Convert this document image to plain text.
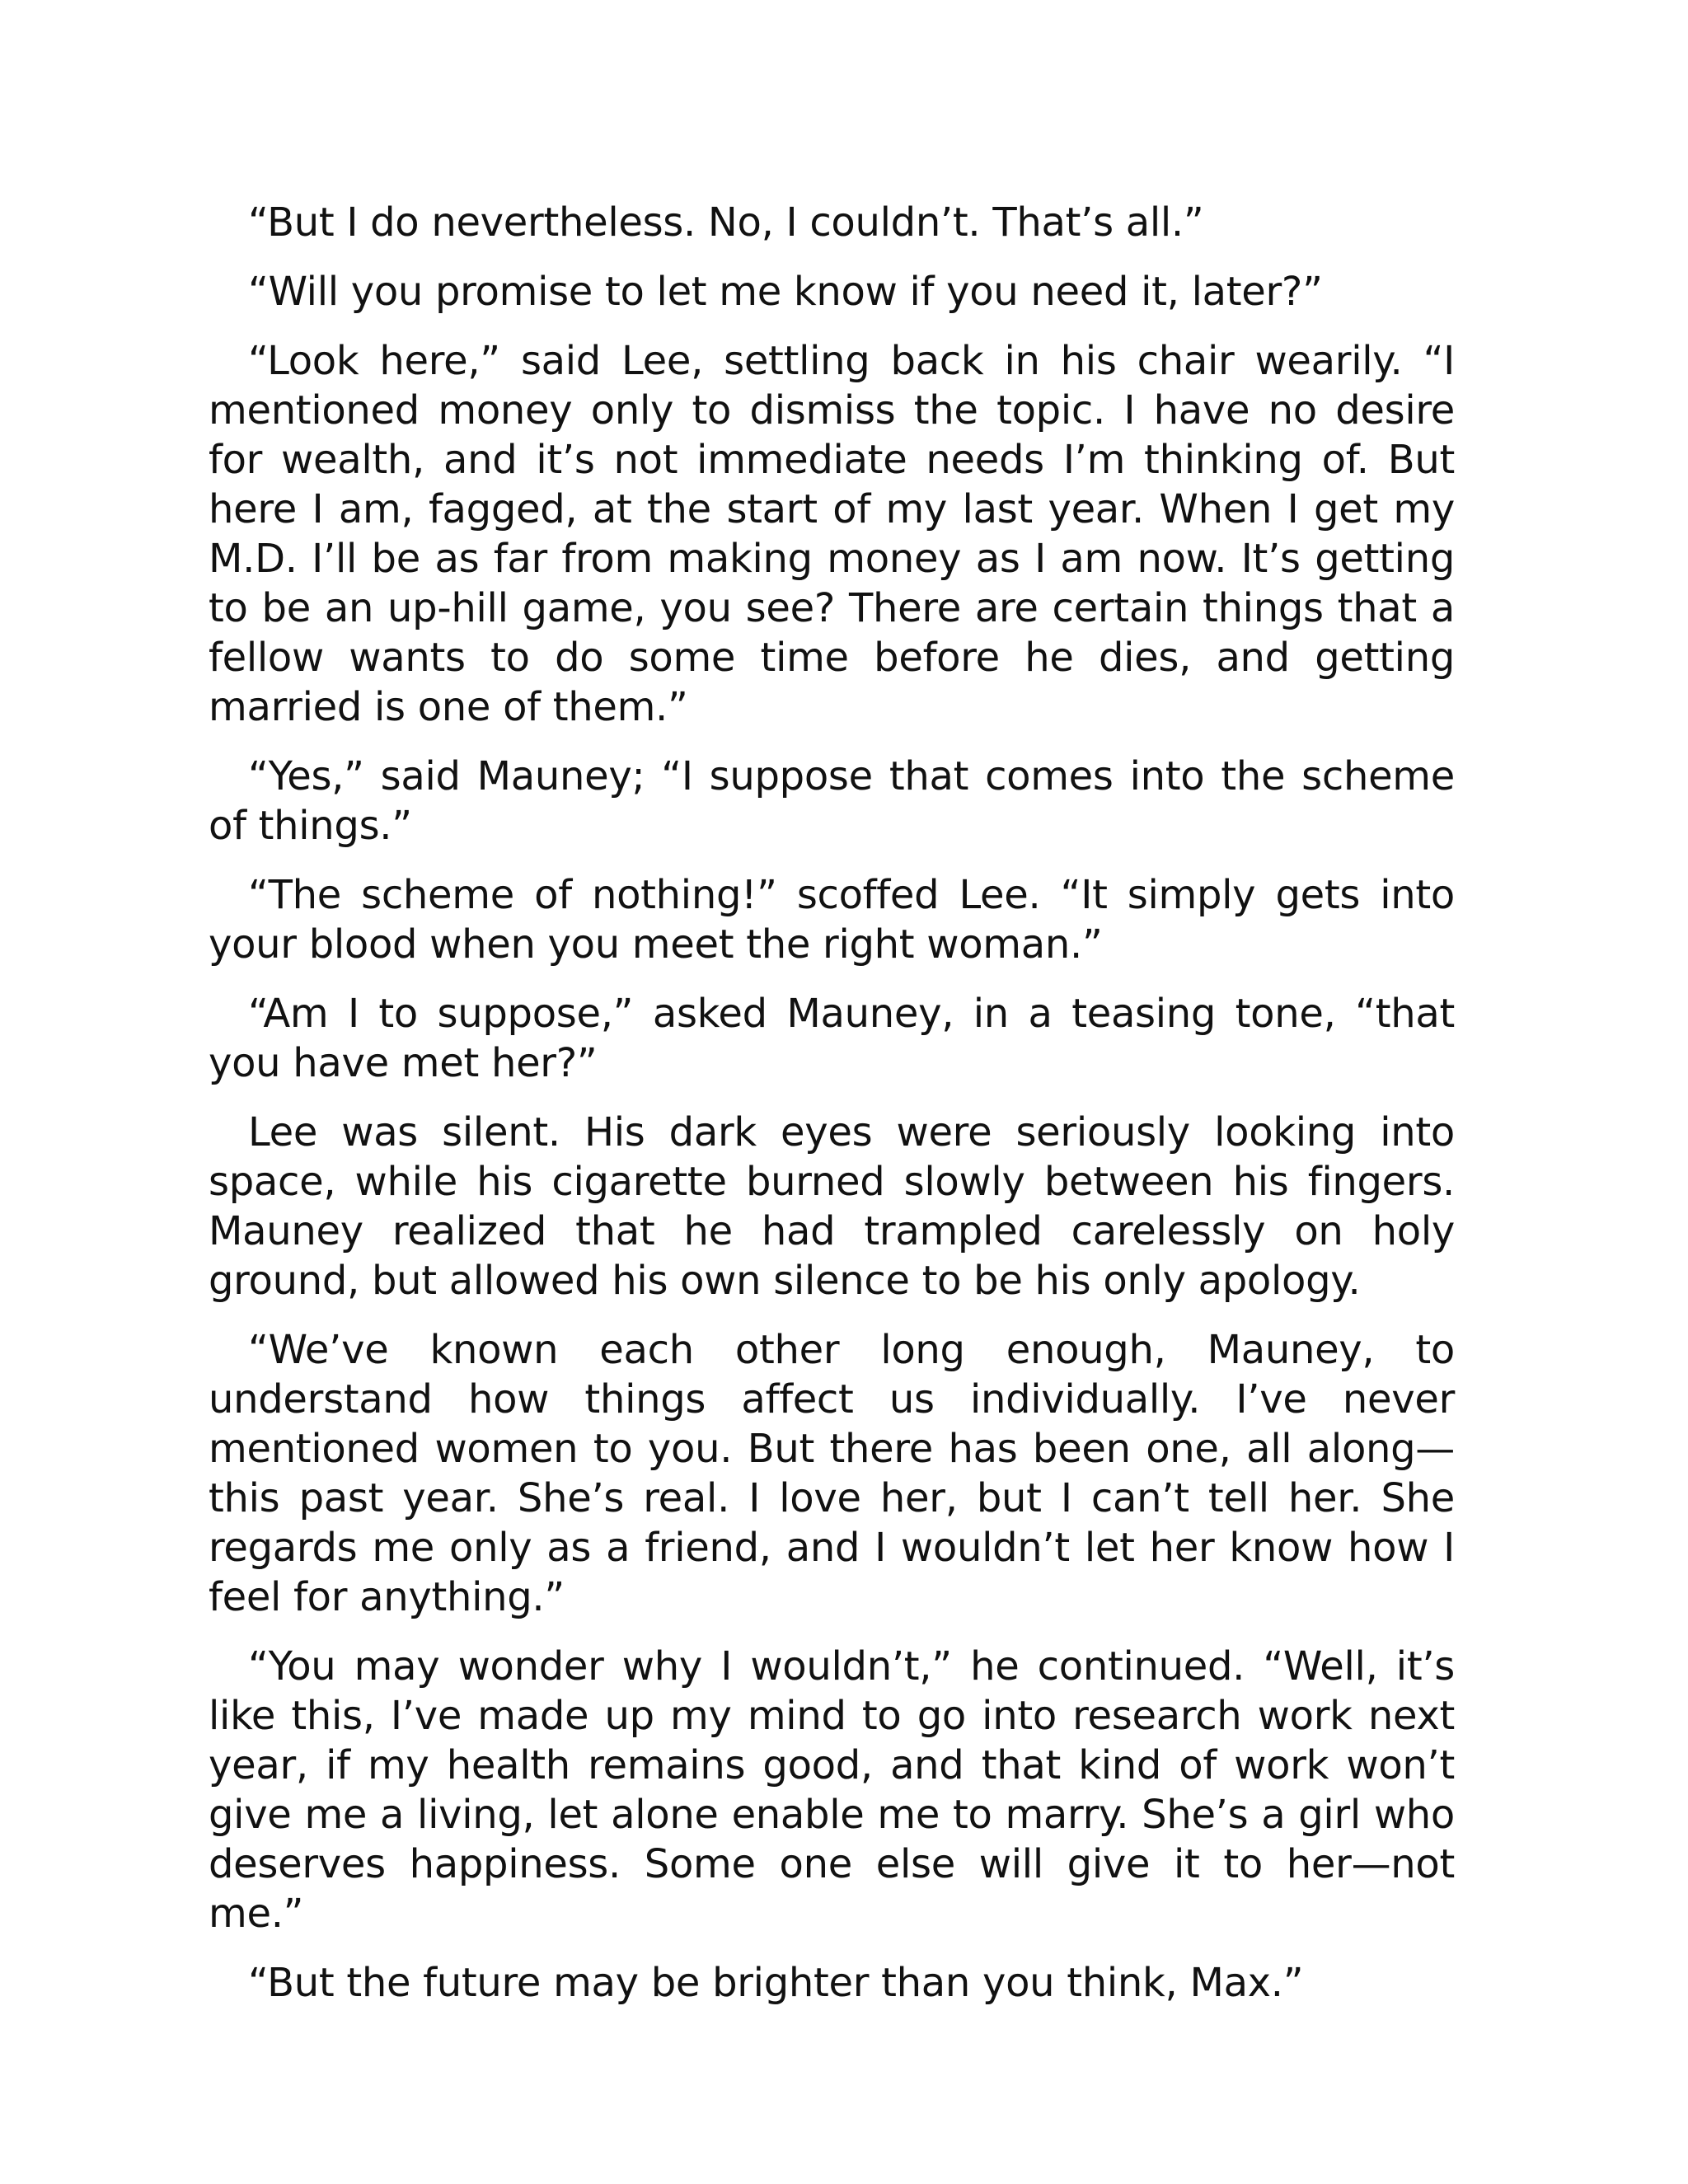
“But I do nevertheless. No, I couldn’t. That’s all.”

“Will you promise to let me know if you need it, later?”

“Look here,” said Lee, settling back in his chair wearily. “I mentioned money only to dismiss the topic. I have no desire for wealth, and it’s not immediate needs I’m thinking of. But here I am, fagged, at the start of my last year. When I get my M.D. I’ll be as far from making money as I am now. It’s getting to be an up-hill game, you see? There are certain things that a fellow wants to do some time before he dies, and getting married is one of them.”

“Yes,” said Mauney; “I suppose that comes into the scheme of things.”

“The scheme of nothing!” scoffed Lee. “It simply gets into your blood when you meet the right woman.”

“Am I to suppose,” asked Mauney, in a teasing tone, “that you have met her?”

Lee was silent. His dark eyes were seriously looking into space, while his cigarette burned slowly between his fingers. Mauney realized that he had trampled carelessly on holy ground, but allowed his own silence to be his only apology.

“We’ve known each other long enough, Mauney, to understand how things affect us individually. I’ve never mentioned women to you. But there has been one, all along—this past year. She’s real. I love her, but I can’t tell her. She regards me only as a friend, and I wouldn’t let her know how I feel for anything.”

“You may wonder why I wouldn’t,” he continued. “Well, it’s like this, I’ve made up my mind to go into research work next year, if my health remains good, and that kind of work won’t give me a living, let alone enable me to marry. She’s a girl who deserves happiness. Some one else will give it to her—not me.”

“But the future may be brighter than you think, Max.”
